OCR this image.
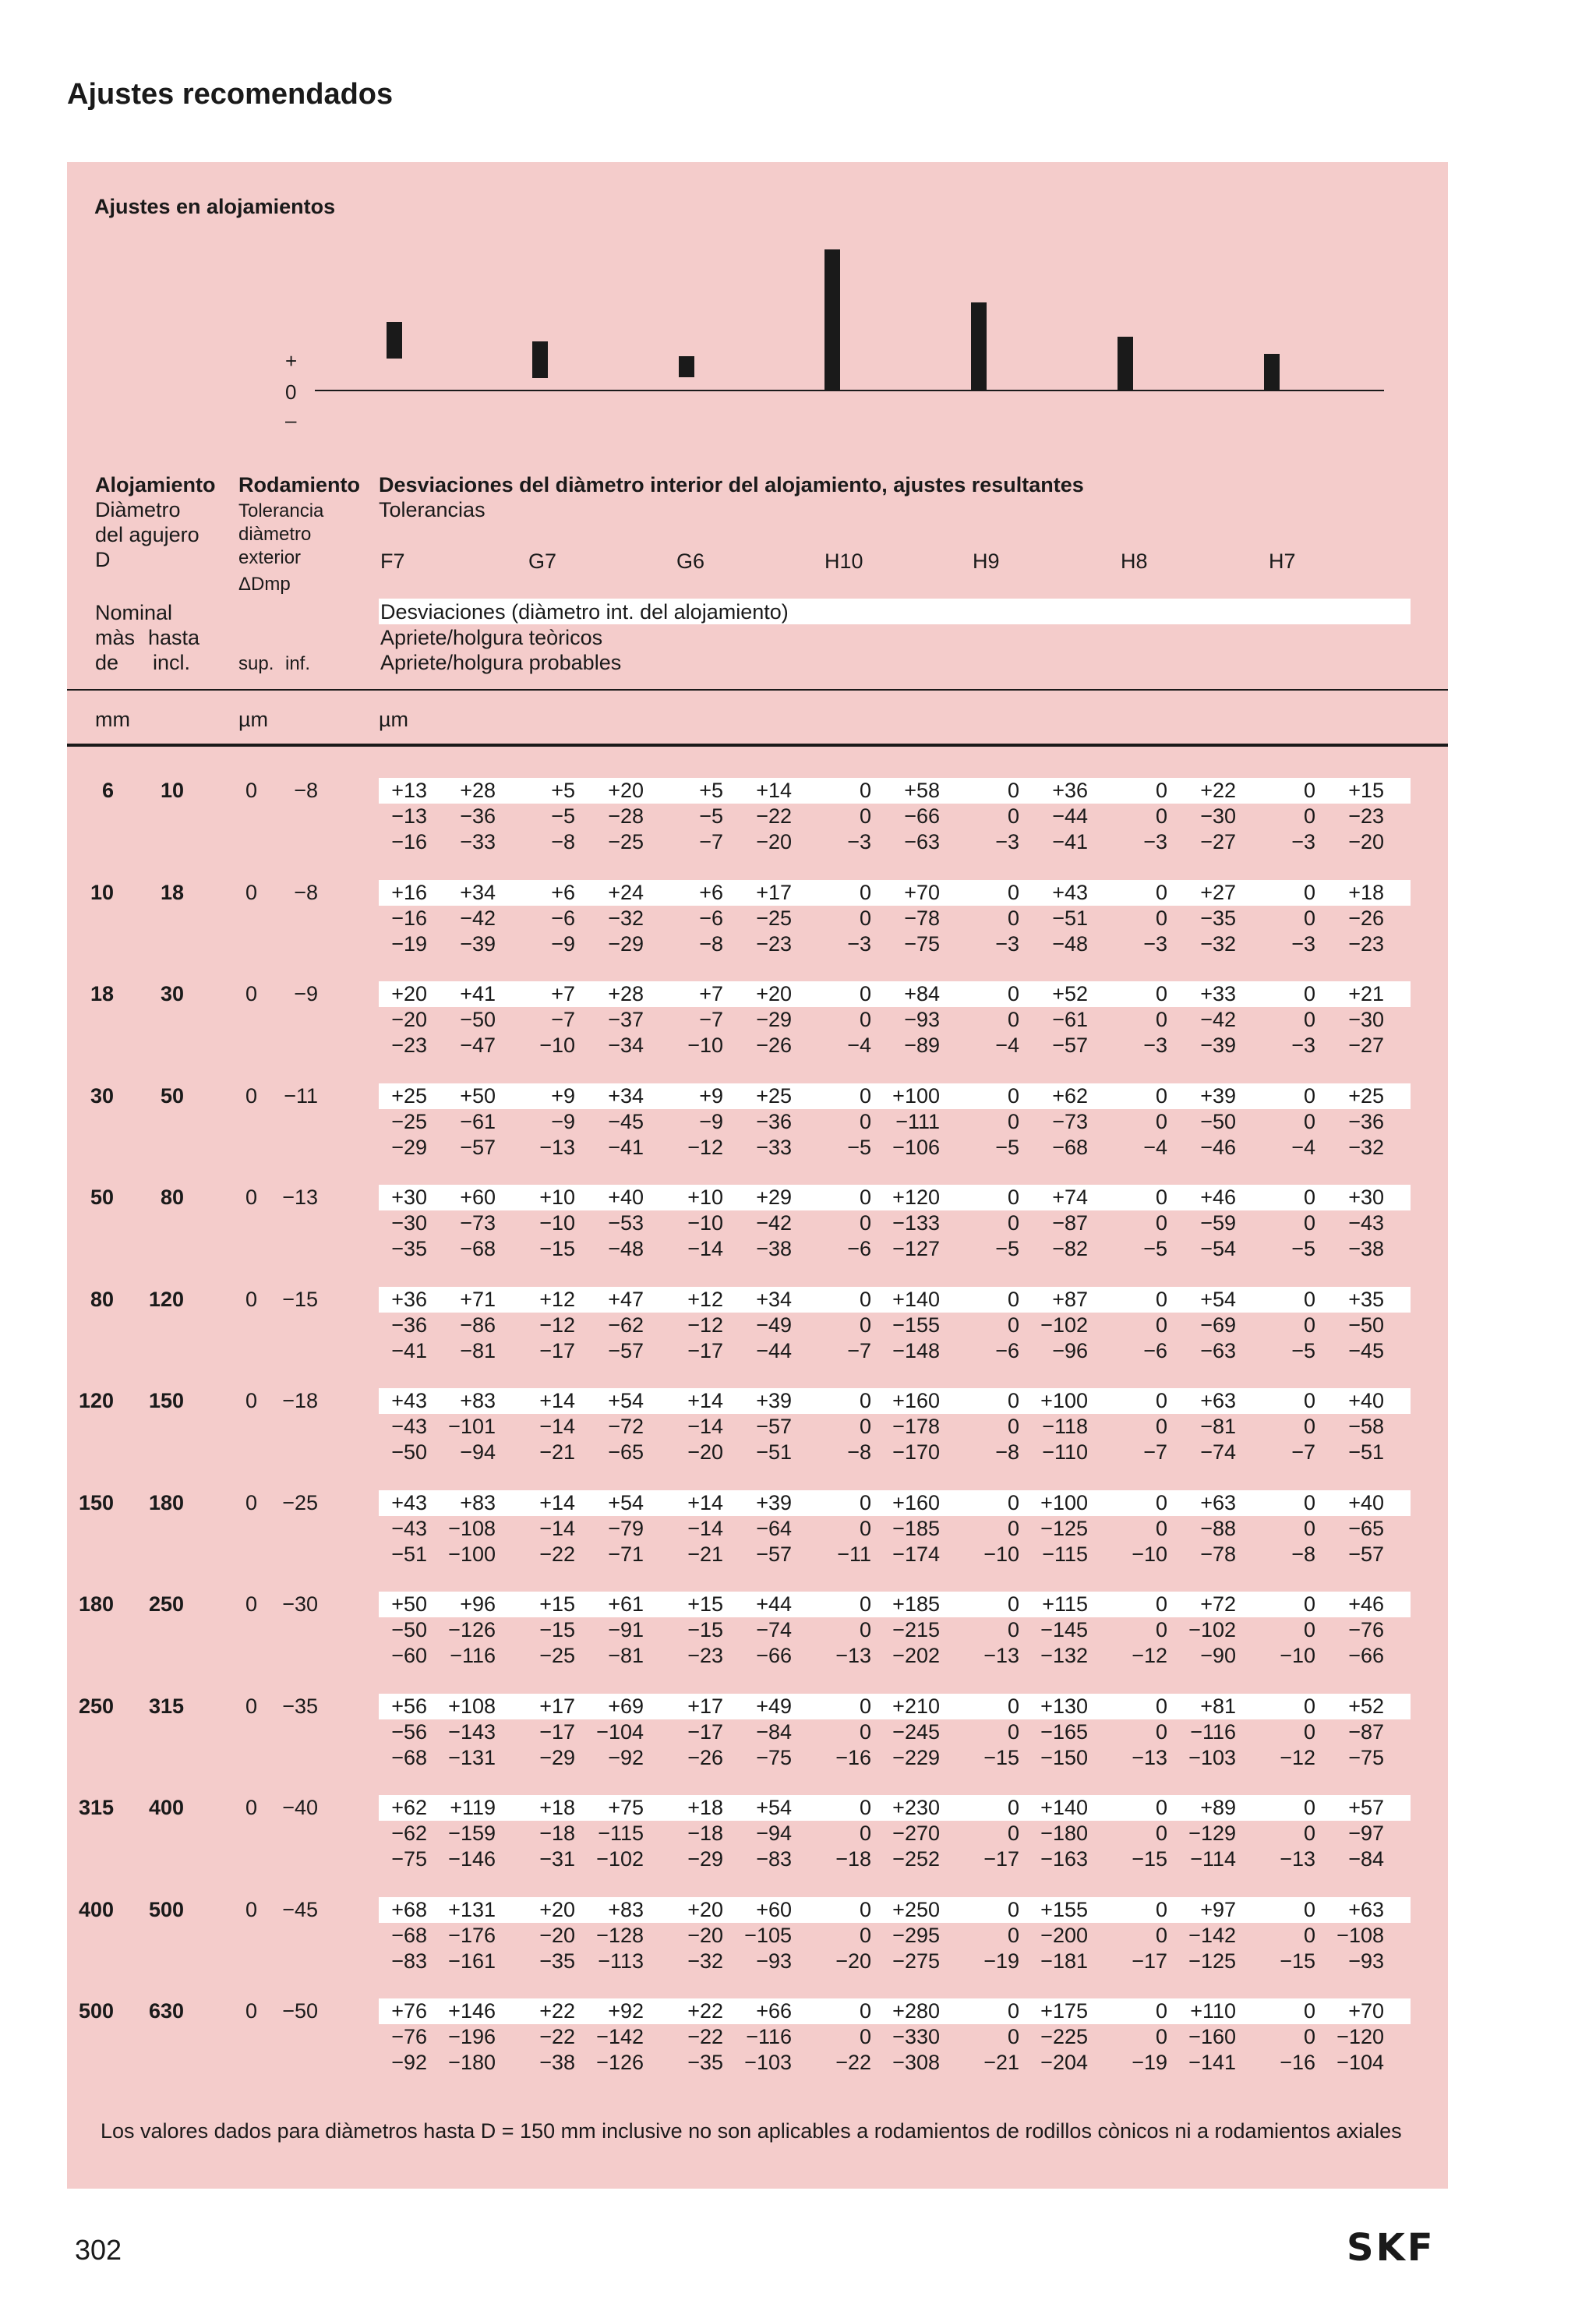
Ajustes recomendados
Ajustes en alojamientos
+
0
–
Alojamiento
Diàmetro
del agujero
D
Nominal
màs hasta
de incl.
Rodamiento
Tolerancia
diàmetro
exterior
ΔDmp
sup. inf.
Desviaciones del diàmetro interior del alojamiento, ajustes resultantes
Tolerancias
F7	G7	G6	H10	H9	H8	H7
Desviaciones (diàmetro int. del alojamiento)
Apriete/holgura teòricos
Apriete/holgura probables
mm	µm	µm
6	10	0	−8	+13	+28	+5	+20	+5	+14	0	+58	0	+36	0	+22	0	+15
−13	−36	−5	−28	−5	−22	0	−66	0	−44	0	−30	0	−23
−16	−33	−8	−25	−7	−20	−3	−63	−3	−41	−3	−27	−3	−20
10	18	0	−8	+16	+34	+6	+24	+6	+17	0	+70	0	+43	0	+27	0	+18
−16	−42	−6	−32	−6	−25	0	−78	0	−51	0	−35	0	−26
−19	−39	−9	−29	−8	−23	−3	−75	−3	−48	−3	−32	−3	−23
18	30	0	−9	+20	+41	+7	+28	+7	+20	0	+84	0	+52	0	+33	0	+21
−20	−50	−7	−37	−7	−29	0	−93	0	−61	0	−42	0	−30
−23	−47	−10	−34	−10	−26	−4	−89	−4	−57	−3	−39	−3	−27
30	50	0	−11	+25	+50	+9	+34	+9	+25	0 +100	0	+62	0	+39	0	+25
−25	−61	−9	−45	−9	−36	0 −111	0	−73	0	−50	0	−36
−29	−57	−13	−41	−12	−33	−5 −106	−5	−68	−4	−46	−4	−32
50	80	0	−13	+30	+60	+10	+40	+10	+29	0 +120	0	+74	0	+46	0	+30
−30	−73	−10	−53	−10	−42	0 −133	0	−87	0	−59	0	−43
−35	−68	−15	−48	−14	−38	−6 −127	−5	−82	−5	−54	−5	−38
80	120	0	−15	+36	+71	+12	+47	+12	+34	0 +140	0	+87	0	+54	0	+35
−36	−86	−12	−62	−12	−49	0 −155	0 −102	0	−69	0	−50
−41	−81	−17	−57	−17	−44	−7 −148	−6	−96	−6	−63	−5	−45
120	150	0	−18	+43	+83	+14	+54	+14	+39	0 +160	0 +100	0	+63	0	+40
−43 −101	−14	−72	−14	−57	0 −178	0 −118	0	−81	0	−58
−50	−94	−21	−65	−20	−51	−8 −170	−8 −110	−7	−74	−7	−51
150	180	0	−25	+43	+83	+14	+54	+14	+39	0 +160	0 +100	0	+63	0	+40
−43 −108	−14	−79	−14	−64	0 −185	0 −125	0	−88	0	−65
−51 −100	−22	−71	−21	−57	−11 −174	−10 −115	−10	−78	−8	−57
180	250	0	−30	+50	+96	+15	+61	+15	+44	0 +185	0 +115	0	+72	0	+46
−50 −126	−15	−91	−15	−74	0 −215	0 −145	0 −102	0	−76
−60 −116	−25	−81	−23	−66	−13 −202	−13 −132	−12	−90	−10	−66
250	315	0	−35	+56 +108	+17	+69	+17	+49	0 +210	0 +130	0	+81	0	+52
−56 −143	−17 −104	−17	−84	0 −245	0 −165	0 −116	0	−87
−68 −131	−29	−92	−26	−75	−16 −229	−15 −150	−13 −103	−12	−75
315	400	0	−40	+62 +119	+18	+75	+18	+54	0 +230	0 +140	0	+89	0	+57
−62 −159	−18 −115	−18	−94	0 −270	0 −180	0 −129	0	−97
−75 −146	−31 −102	−29	−83	−18 −252	−17 −163	−15 −114	−13	−84
400	500	0	−45	+68 +131	+20	+83	+20	+60	0 +250	0 +155	0	+97	0	+63
−68 −176	−20 −128	−20 −105	0 −295	0 −200	0 −142	0 −108
−83 −161	−35 −113	−32	−93	−20 −275	−19 −181	−17 −125	−15	−93
500	630	0	−50	+76 +146	+22	+92	+22	+66	0 +280	0 +175	0 +110	0	+70
−76 −196	−22 −142	−22 −116	0 −330	0 −225	0 −160	0 −120
−92 −180	−38 −126	−35 −103	−22 −308	−21 −204	−19 −141	−16 −104
Los valores dados para diàmetros hasta D = 150 mm inclusive no son aplicables a rodamientos de rodillos cònicos ni a rodamientos axiales
302	SKF
